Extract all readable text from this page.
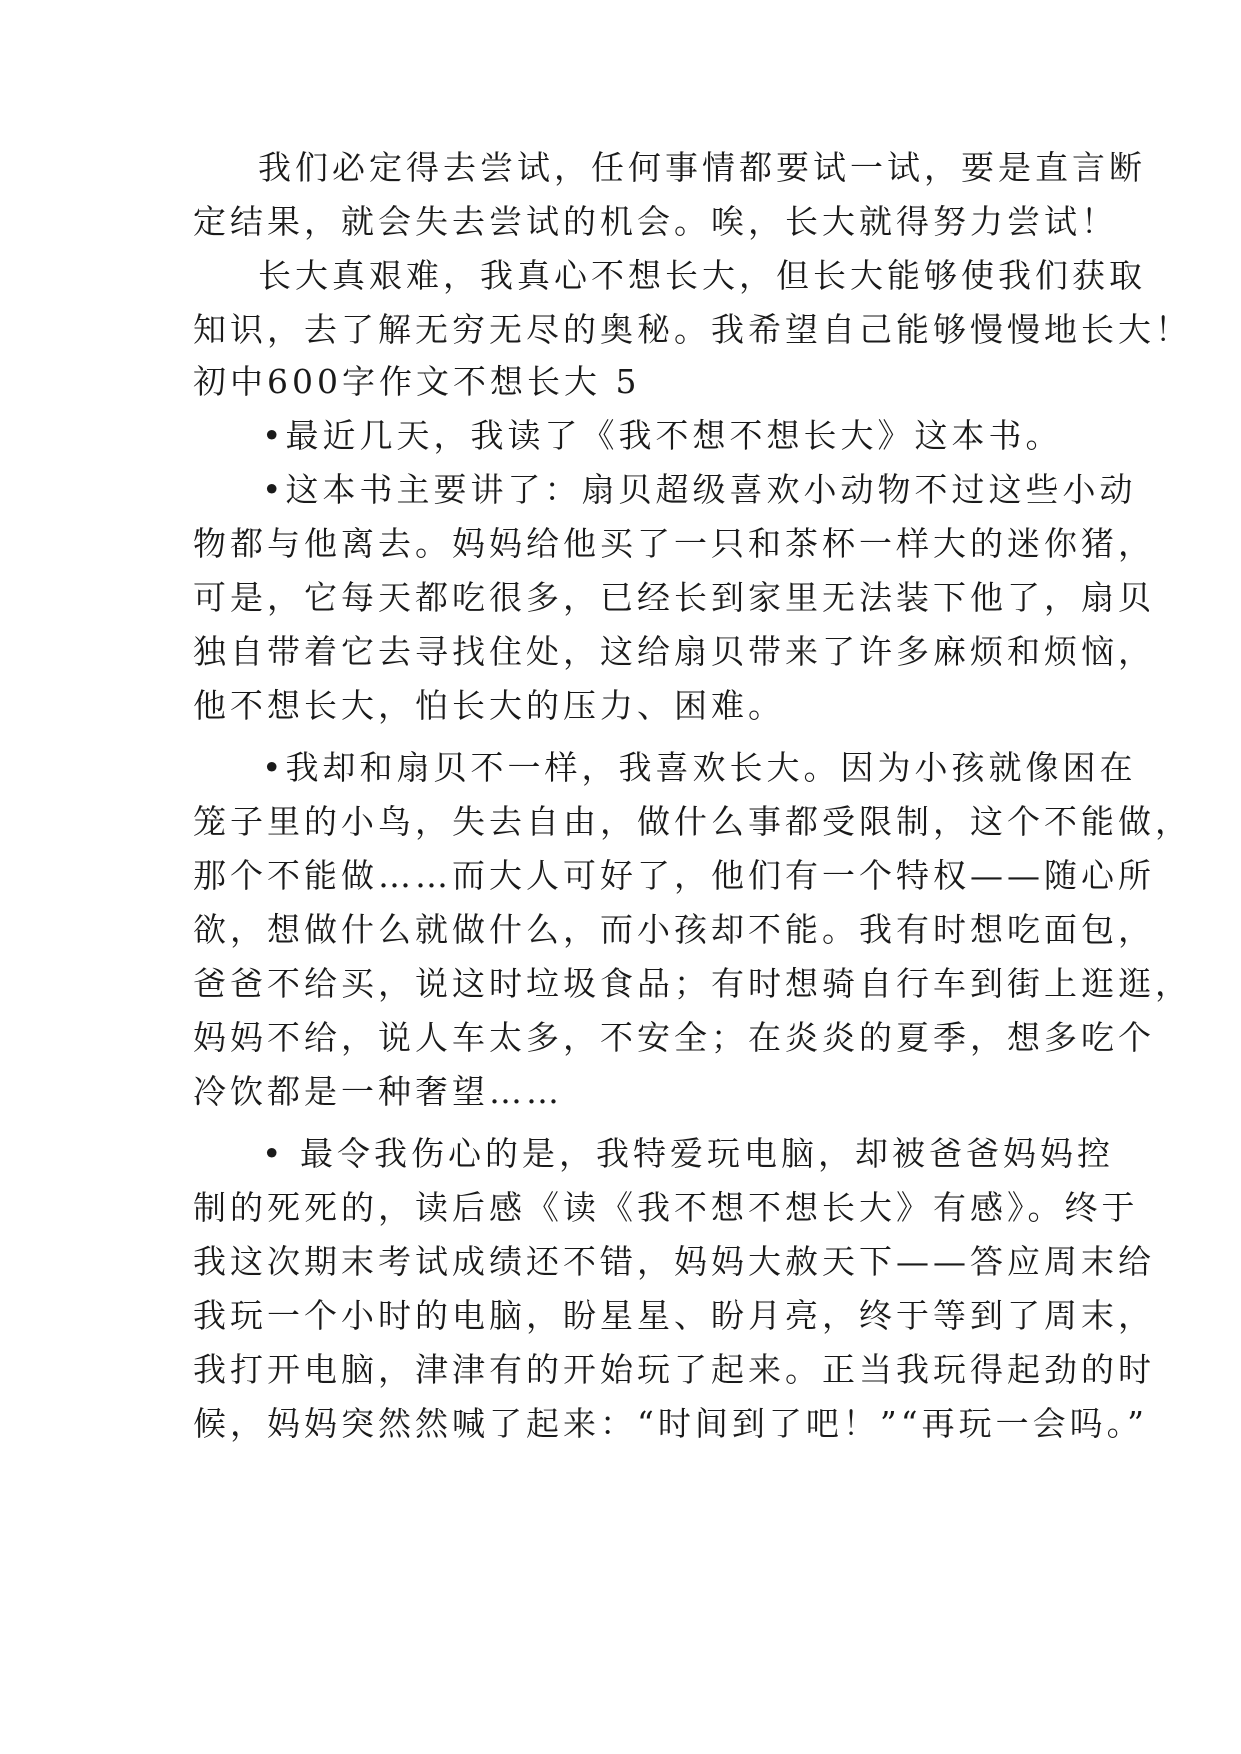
我们必定得去尝试，任何事情都要试一试，要是直言断
定结果，就会失去尝试的机会。唉，长大就得努力尝试！
长大真艰难，我真心不想长大，但长大能够使我们获取
知识，去了解无穷无尽的奥秘。我希望自己能够慢慢地长大！
初中600字作文不想长大 5
•最近几天，我读了《我不想不想长大》这本书。
•这本书主要讲了：扇贝超级喜欢小动物不过这些小动
物都与他离去。妈妈给他买了一只和茶杯一样大的迷你猪，
可是，它每天都吃很多，已经长到家里无法装下他了，扇贝
独自带着它去寻找住处，这给扇贝带来了许多麻烦和烦恼，
他不想长大，怕长大的压力、困难。
•我却和扇贝不一样，我喜欢长大。因为小孩就像困在
笼子里的小鸟，失去自由，做什么事都受限制，这个不能做，
那个不能做……而大人可好了，他们有一个特权——随心所
欲，想做什么就做什么，而小孩却不能。我有时想吃面包，
爸爸不给买，说这时垃圾食品；有时想骑自行车到街上逛逛，
妈妈不给，说人车太多，不安全；在炎炎的夏季，想多吃个
冷饮都是一种奢望……
• 最令我伤心的是，我特爱玩电脑，却被爸爸妈妈控
制的死死的，读后感《读《我不想不想长大》有感》。终于
我这次期末考试成绩还不错，妈妈大赦天下——答应周末给
我玩一个小时的电脑，盼星星、盼月亮，终于等到了周末，
我打开电脑，津津有的开始玩了起来。正当我玩得起劲的时
候，妈妈突然然喊了起来：“时间到了吧！”“再玩一会吗。”
